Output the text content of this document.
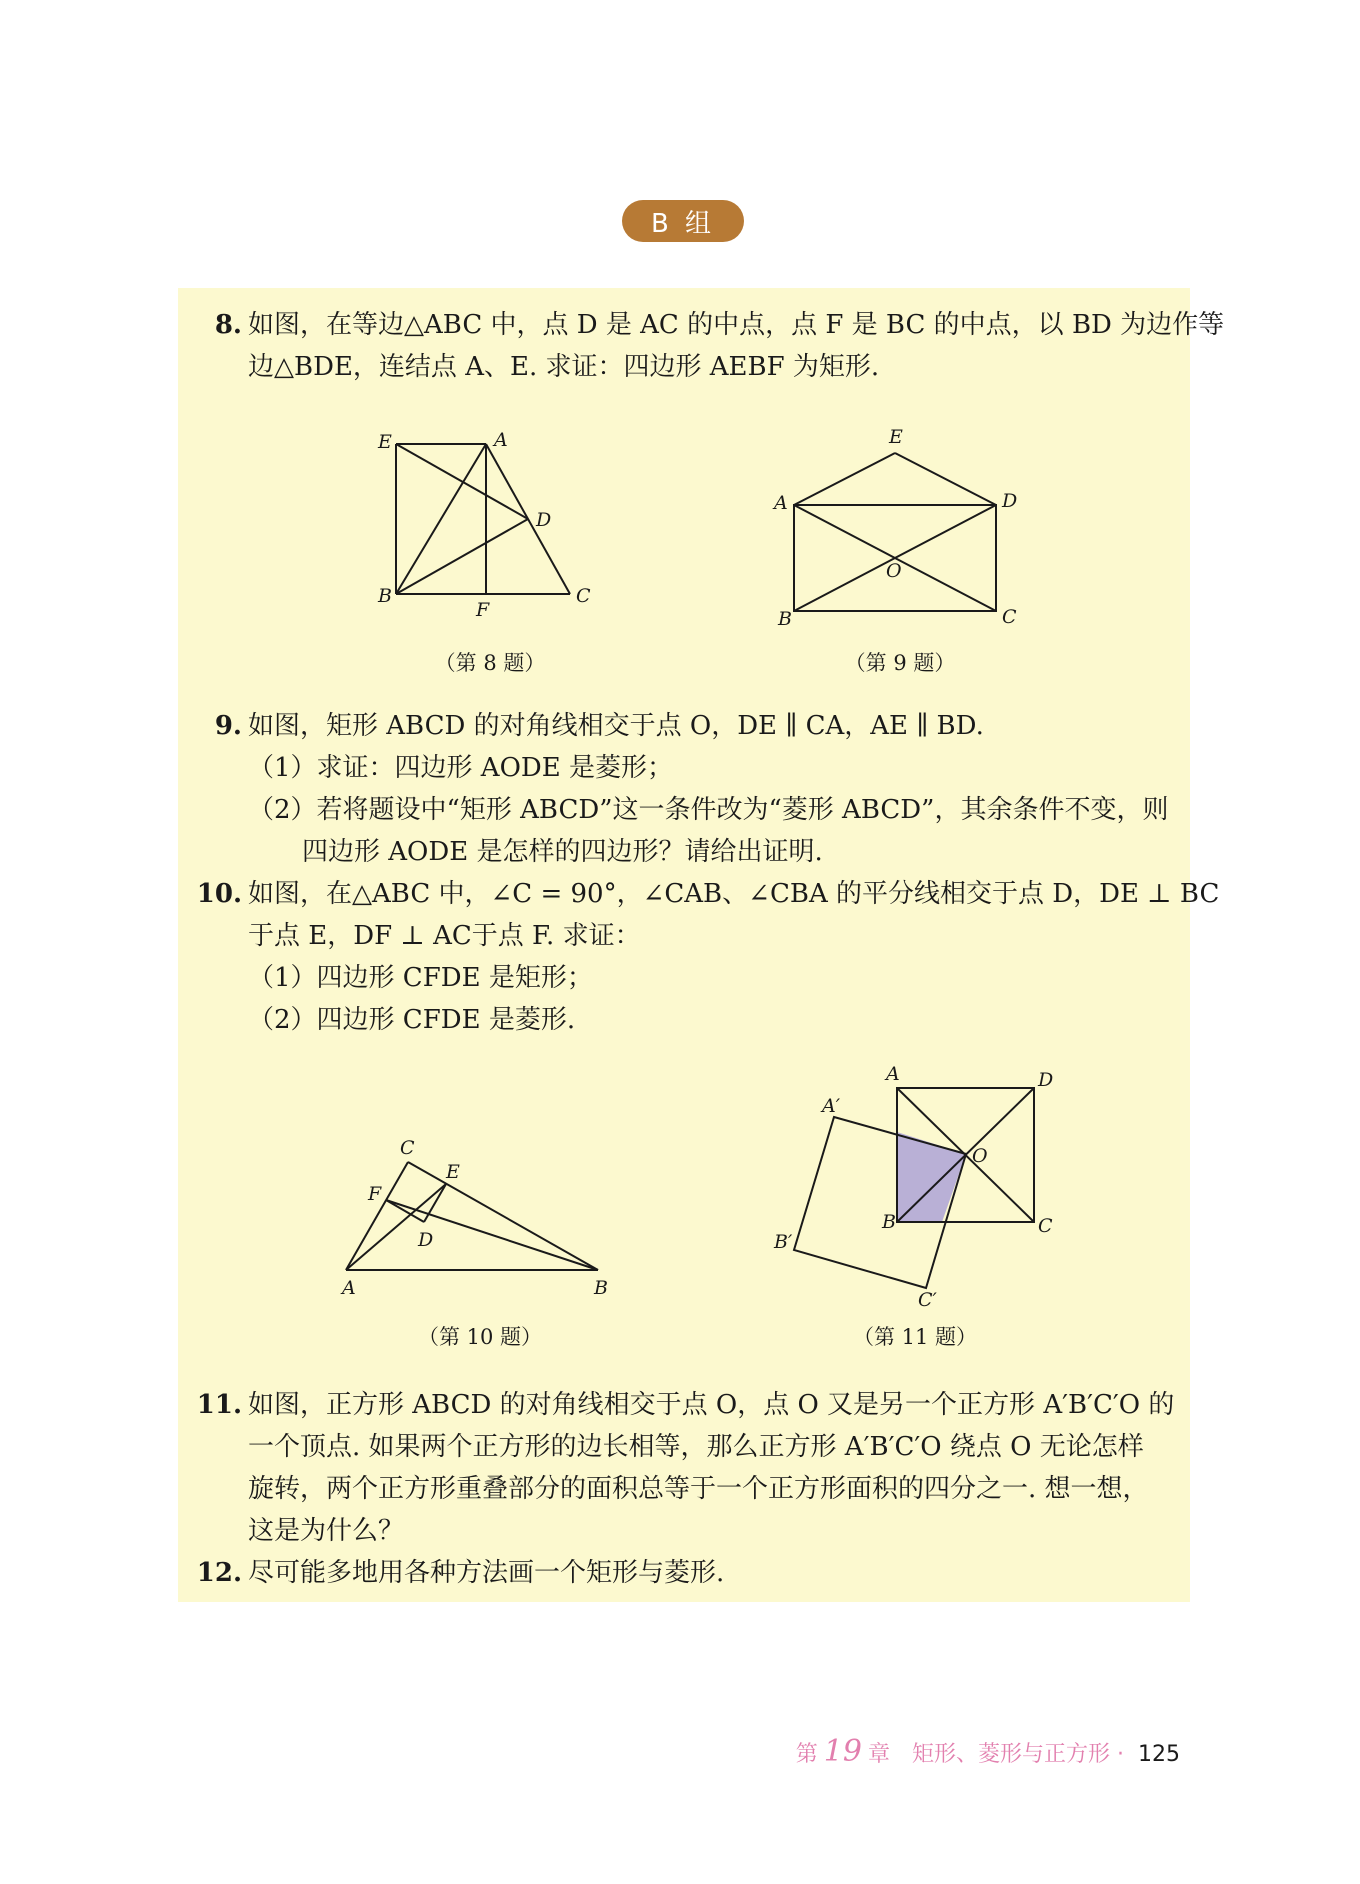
B 组
8. 如图，在等边△ABC 中，点 D 是 AC 的中点，点 F 是 BC 的中点，以 BD 为边作等
边△BDE，连结点 A、E. 求证：四边形 AEBF 为矩形.
E	A
D
B
F
C
（第 8 题）
E
A	D
O
B	C
（第 9 题）
9. 如图，矩形 ABCD 的对角线相交于点 O，DE ∥ CA，AE ∥ BD.
（1）求证：四边形 AODE 是菱形；
（2）若将题设中“矩形 ABCD”这一条件改为“菱形 ABCD”，其余条件不变，则
四边形 AODE 是怎样的四边形？请给出证明.
10. 如图，在△ABC 中，∠C = 90°，∠CAB、∠CBA 的平分线相交于点 D，DE ⊥ BC
于点 E，DF ⊥ AC于点 F. 求证：
（1）四边形 CFDE 是矩形；
（2）四边形 CFDE 是菱形.
C
E
F
D
A	B
（第 10 题）
A	D
A′
O
B
B′
C
C′
（第 11 题）
11. 如图，正方形 ABCD 的对角线相交于点 O，点 O 又是另一个正方形 A′B′C′O 的
一个顶点. 如果两个正方形的边长相等，那么正方形 A′B′C′O 绕点 O 无论怎样
旋转，两个正方形重叠部分的面积总等于一个正方形面积的四分之一. 想一想，
这是为什么？
12. 尽可能多地用各种方法画一个矩形与菱形.
第 19 章 矩形、菱形与正方形 · 125
